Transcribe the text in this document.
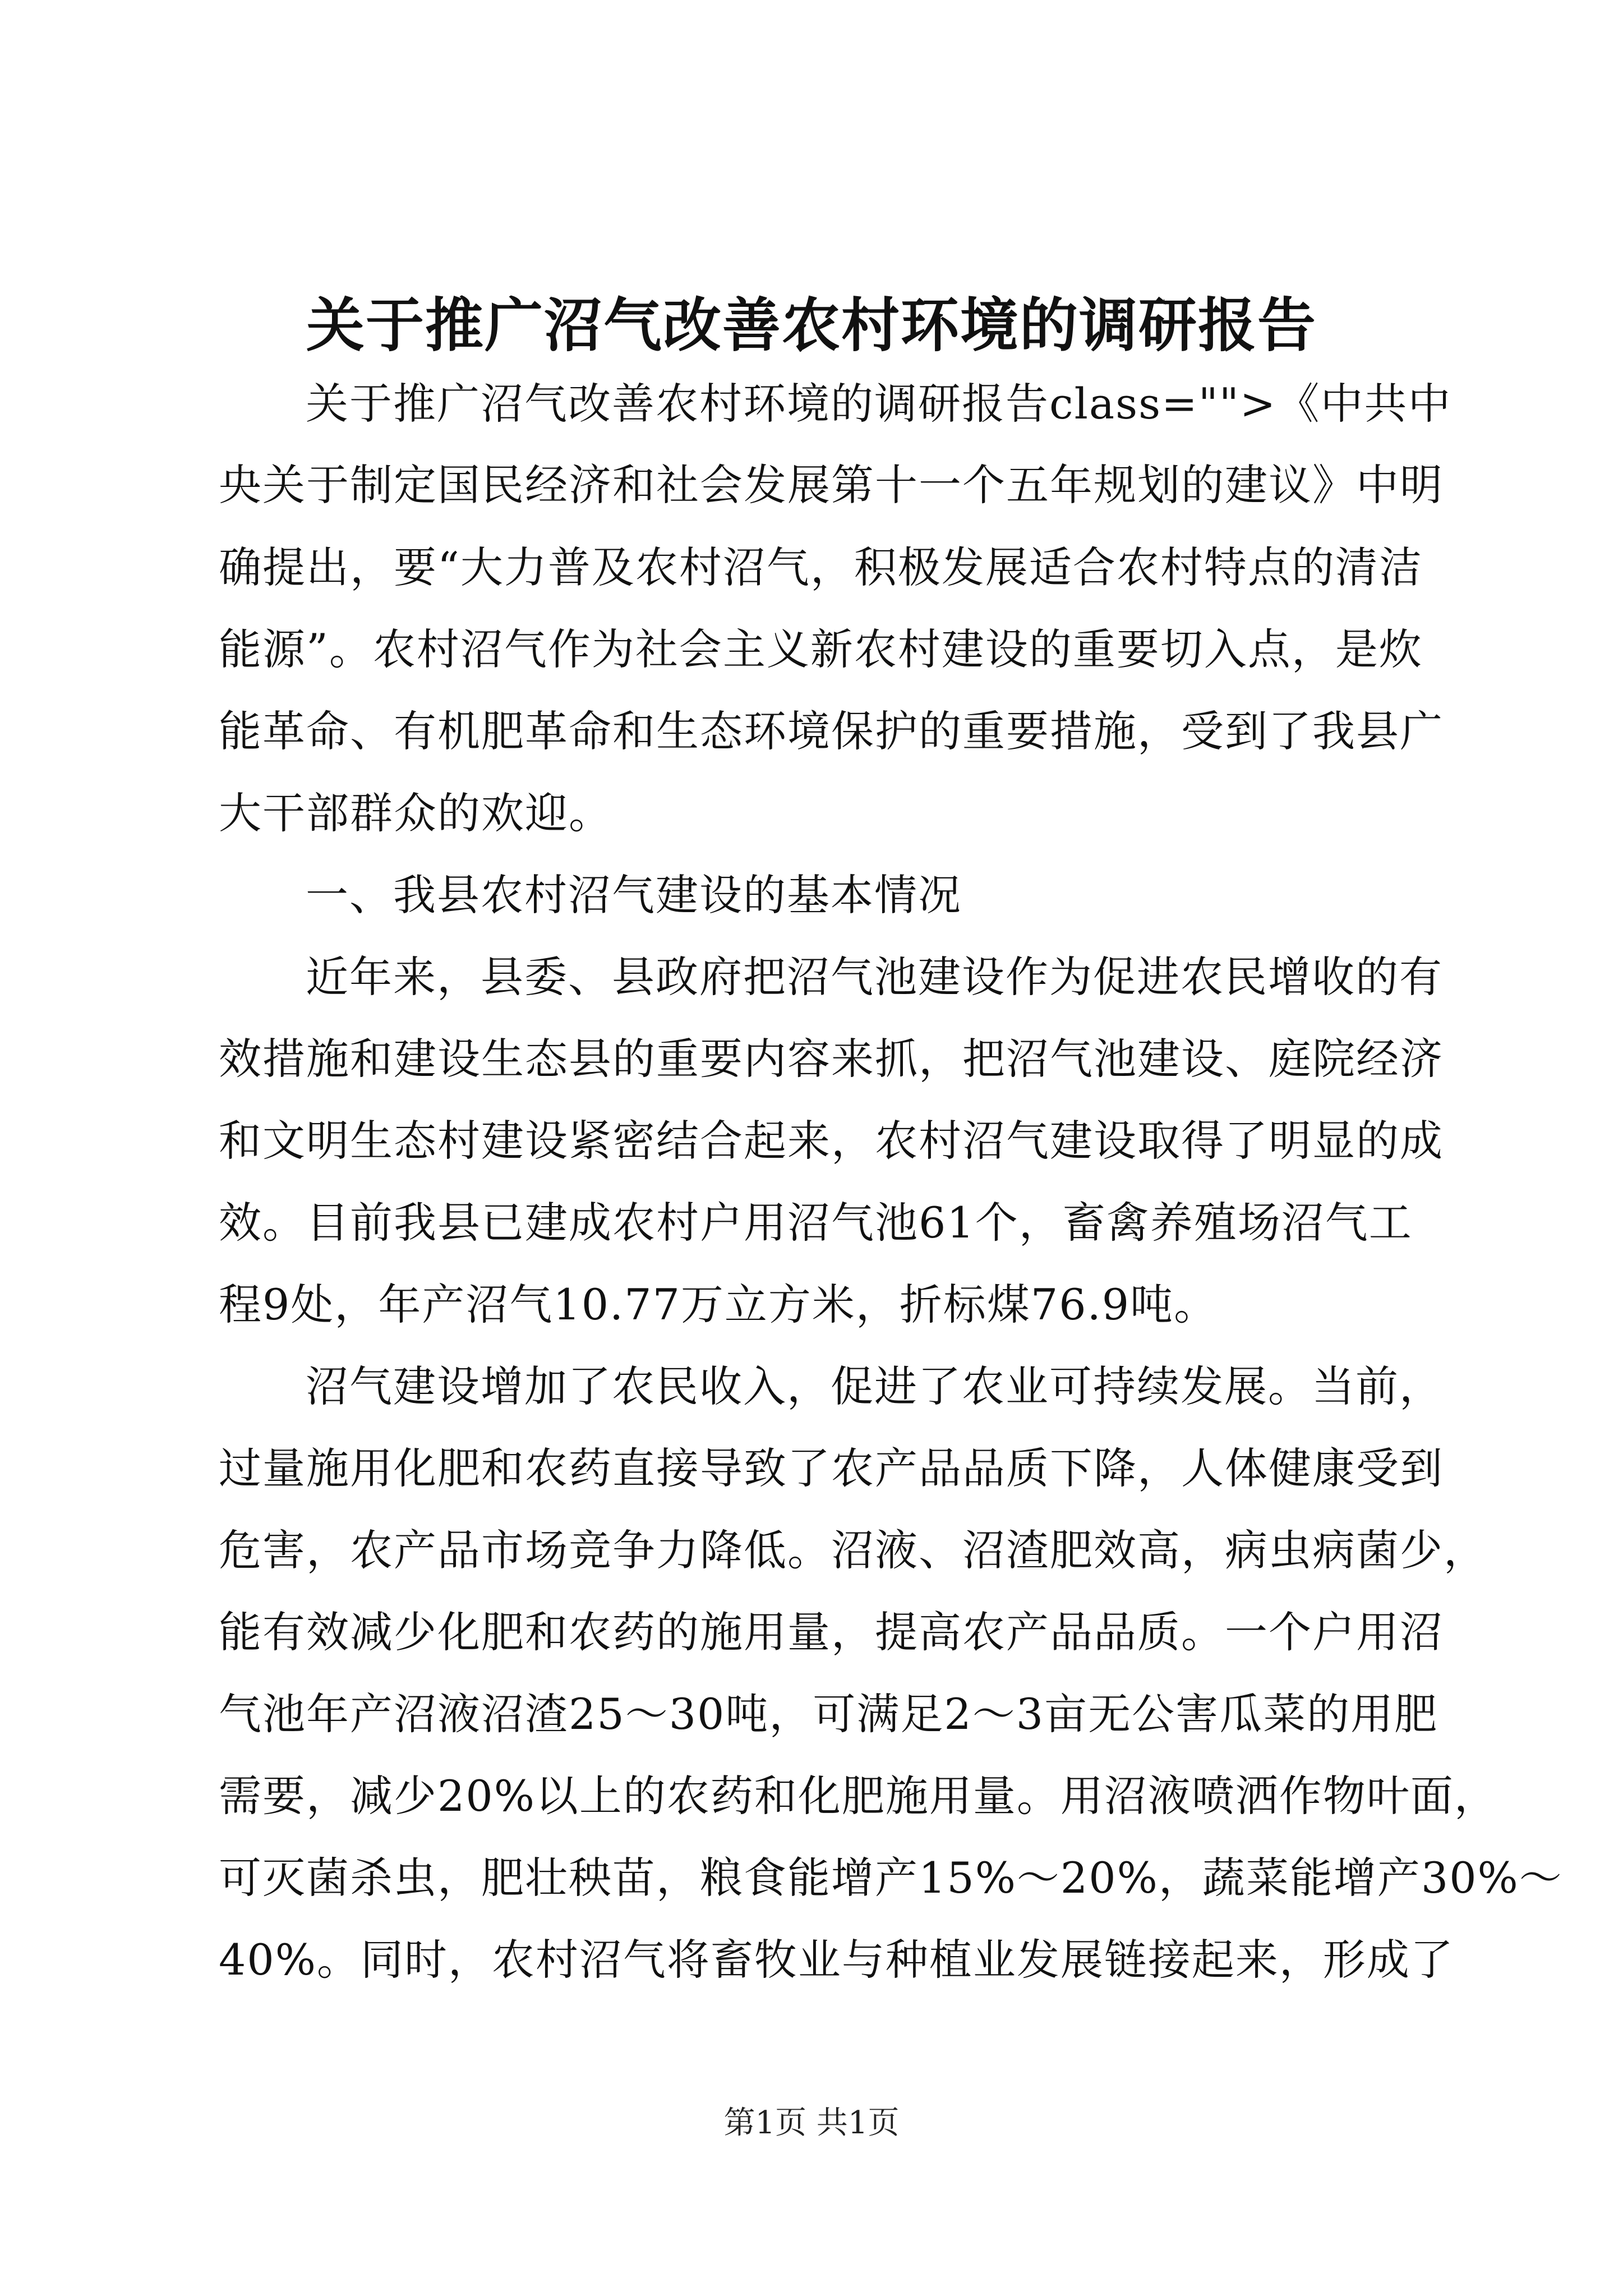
关于推广沼气改善农村环境的调研报告
关于推广沼气改善农村环境的调研报告class="">《中共中
央关于制定国民经济和社会发展第十一个五年规划的建议》中明
确提出，要“大力普及农村沼气，积极发展适合农村特点的清洁
能源”。农村沼气作为社会主义新农村建设的重要切入点，是炊
能革命、有机肥革命和生态环境保护的重要措施，受到了我县广
大干部群众的欢迎。
一、我县农村沼气建设的基本情况
近年来，县委、县政府把沼气池建设作为促进农民增收的有
效措施和建设生态县的重要内容来抓，把沼气池建设、庭院经济
和文明生态村建设紧密结合起来，农村沼气建设取得了明显的成
效。目前我县已建成农村户用沼气池61个，畜禽养殖场沼气工
程9处，年产沼气10.77万立方米，折标煤76.9吨。
沼气建设增加了农民收入，促进了农业可持续发展。当前，
过量施用化肥和农药直接导致了农产品品质下降，人体健康受到
危害，农产品市场竞争力降低。沼液、沼渣肥效高，病虫病菌少，
能有效减少化肥和农药的施用量，提高农产品品质。一个户用沼
气池年产沼液沼渣25～30吨，可满足2～3亩无公害瓜菜的用肥
需要，减少20%以上的农药和化肥施用量。用沼液喷洒作物叶面，
可灭菌杀虫，肥壮秧苗，粮食能增产15%～20%，蔬菜能增产30%～
40%。同时，农村沼气将畜牧业与种植业发展链接起来，形成了
第1页 共1页
